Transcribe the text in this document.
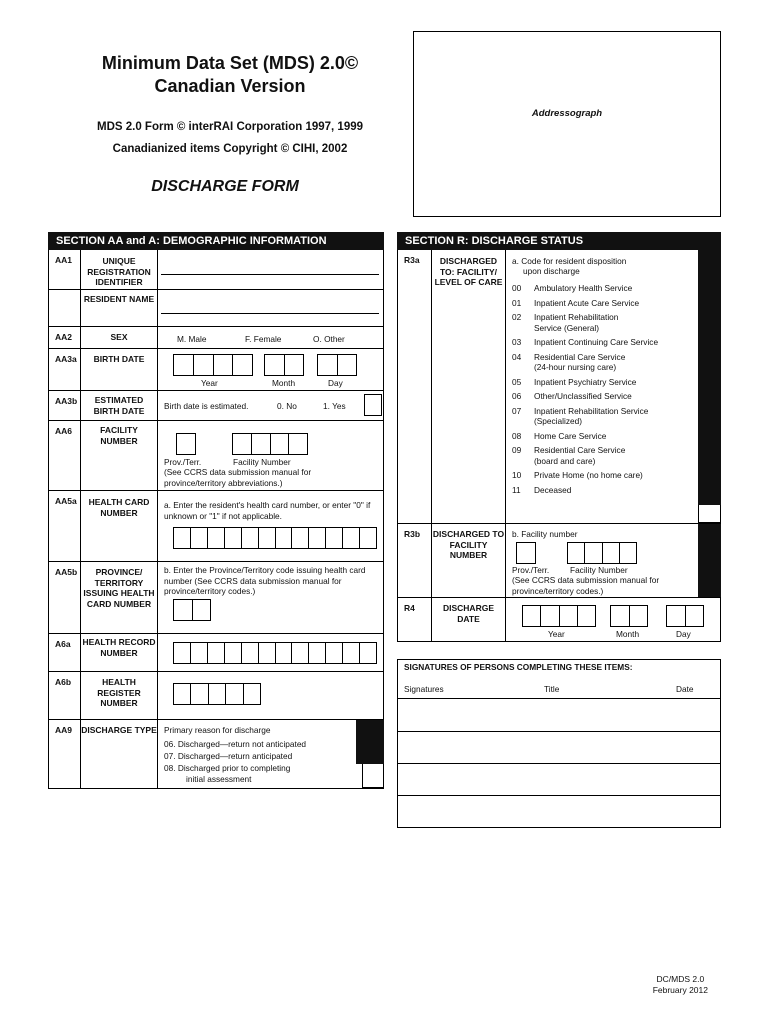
Minimum Data Set (MDS) 2.0©
Canadian Version
MDS 2.0 Form © interRAI Corporation 1997, 1999
Canadianized items Copyright © CIHI, 2002
DISCHARGE FORM
Addressograph
SECTION AA and A: DEMOGRAPHIC INFORMATION
AA1	UNIQUE REGISTRATION IDENTIFIER
RESIDENT NAME
AA2	SEX	M. Male	F. Female	O. Other
AA3a	BIRTH DATE
Year	Month	Day
AA3b	ESTIMATED BIRTH DATE	Birth date is estimated.	0. No	1. Yes
AA6	FACILITY NUMBER
Prov./Terr.	Facility Number
(See CCRS data submission manual for province/territory abbreviations.)
AA5a	HEALTH CARD NUMBER
a. Enter the resident's health card number, or enter "0" if unknown or "1" if not applicable.
AA5b	PROVINCE/ TERRITORY ISSUING HEALTH CARD NUMBER
b. Enter the Province/Territory code issuing health card number (See CCRS data submission manual for province/territory codes.)
A6a HEALTH RECORD NUMBER
A6b	HEALTH REGISTER NUMBER
AA9 DISCHARGE TYPE Primary reason for discharge
06. Discharged—return not anticipated
07. Discharged—return anticipated
08. Discharged prior to completing
initial assessment
SECTION R: DISCHARGE STATUS
R3a	DISCHARGED TO: FACILITY/ LEVEL OF CARE
a. Code for resident disposition
upon discharge
00 Ambulatory Health Service
01 Inpatient Acute Care Service
02 Inpatient Rehabilitation
Service (General)
03 Inpatient Continuing Care Service
04 Residential Care Service
(24-hour nursing care)
05 Inpatient Psychiatry Service
06 Other/Unclassified Service
07 Inpatient Rehabilitation Service
(Specialized)
08 Home Care Service
09 Residential Care Service
(board and care)
10 Private Home (no home care)
11 Deceased
R3b DISCHARGED TO FACILITY NUMBER
b. Facility number
Prov./Terr.	Facility Number
(See CCRS data submission manual for province/territory codes.)
R4	DISCHARGE DATE
Year	Month	Day
SIGNATURES OF PERSONS COMPLETING THESE ITEMS:
Signatures	Title	Date
DC/MDS 2.0
February 2012
